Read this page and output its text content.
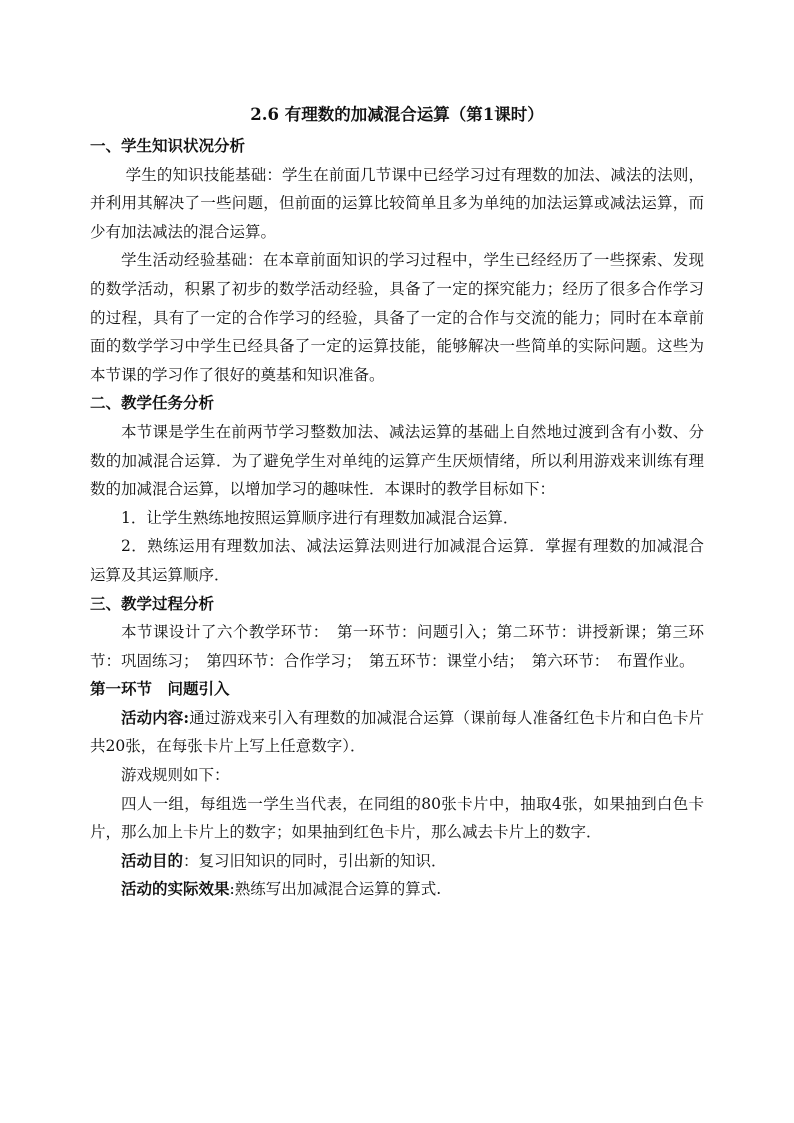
2.6 有理数的加减混合运算（第1课时）
一、学生知识状况分析

学生的知识技能基础：学生在前面几节课中已经学习过有理数的加法、减法的法则，并利用其解决了一些问题，但前面的运算比较简单且多为单纯的加法运算或减法运算，而少有加法减法的混合运算。

学生活动经验基础：在本章前面知识的学习过程中，学生已经经历了一些探索、发现的数学活动，积累了初步的数学活动经验，具备了一定的探究能力；经历了很多合作学习的过程，具有了一定的合作学习的经验，具备了一定的合作与交流的能力；同时在本章前面的数学学习中学生已经具备了一定的运算技能，能够解决一些简单的实际问题。这些为本节课的学习作了很好的奠基和知识准备。

二、教学任务分析

本节课是学生在前两节学习整数加法、减法运算的基础上自然地过渡到含有小数、分数的加减混合运算．为了避免学生对单纯的运算产生厌烦情绪，所以利用游戏来训练有理数的加减混合运算，以增加学习的趣味性．本课时的教学目标如下：

1．让学生熟练地按照运算顺序进行有理数加减混合运算．

2．熟练运用有理数加法、减法运算法则进行加减混合运算．掌握有理数的加减混合运算及其运算顺序．

三、教学过程分析

本节课设计了六个教学环节：　第一环节：问题引入；第二环节：讲授新课；第三环节：巩固练习；　第四环节：合作学习；　第五环节：课堂小结；　第六环节：　布置作业。

第一环节　问题引入

活动内容:通过游戏来引入有理数的加减混合运算（课前每人准备红色卡片和白色卡片共20张，在每张卡片上写上任意数字）．

游戏规则如下：

四人一组，每组选一学生当代表，在同组的80张卡片中，抽取4张，如果抽到白色卡片，那么加上卡片上的数字；如果抽到红色卡片，那么减去卡片上的数字．

活动目的：复习旧知识的同时，引出新的知识．

活动的实际效果:熟练写出加减混合运算的算式.
